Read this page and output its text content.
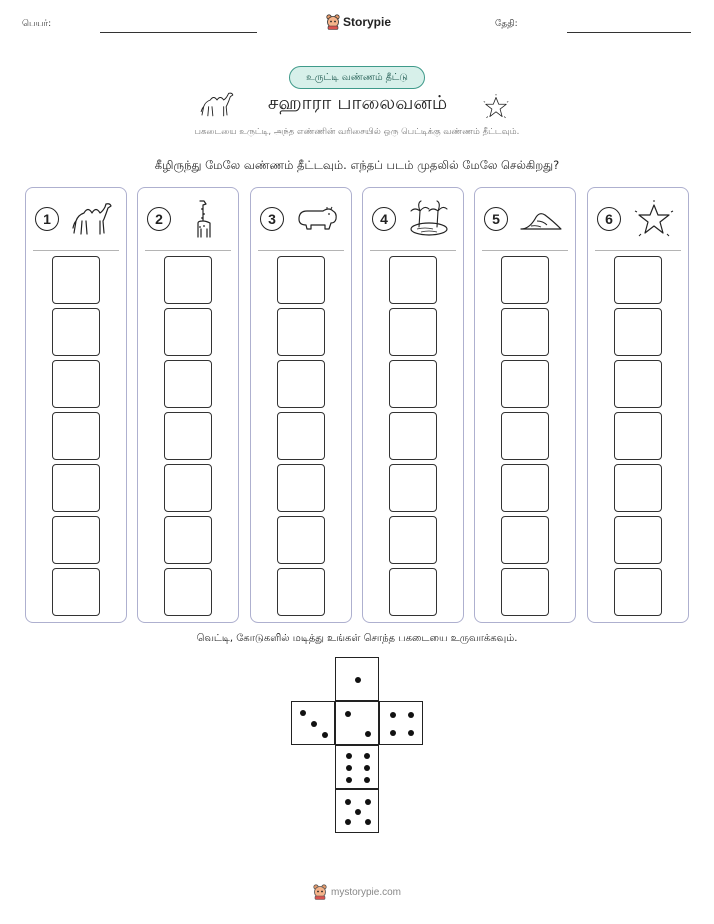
பெயர்:	Storypie	தேதி:
உருட்டி வண்ணம் தீட்டு
சஹாரா பாலைவனம்
பகடையை உருட்டி, அந்த எண்ணின் வரிசையில் ஒரு பெட்டிக்கு வண்ணம் தீட்டவும்.
கீழிருந்து மேலே வண்ணம் தீட்டவும். எந்தப் படம் முதலில் மேலே செல்கிறது?
1	2	3	4	5	6
வெட்டி, கோடுகளில் மடித்து உங்கள் சொந்த பகடையை உருவாக்கவும்.
mystorypie.com
